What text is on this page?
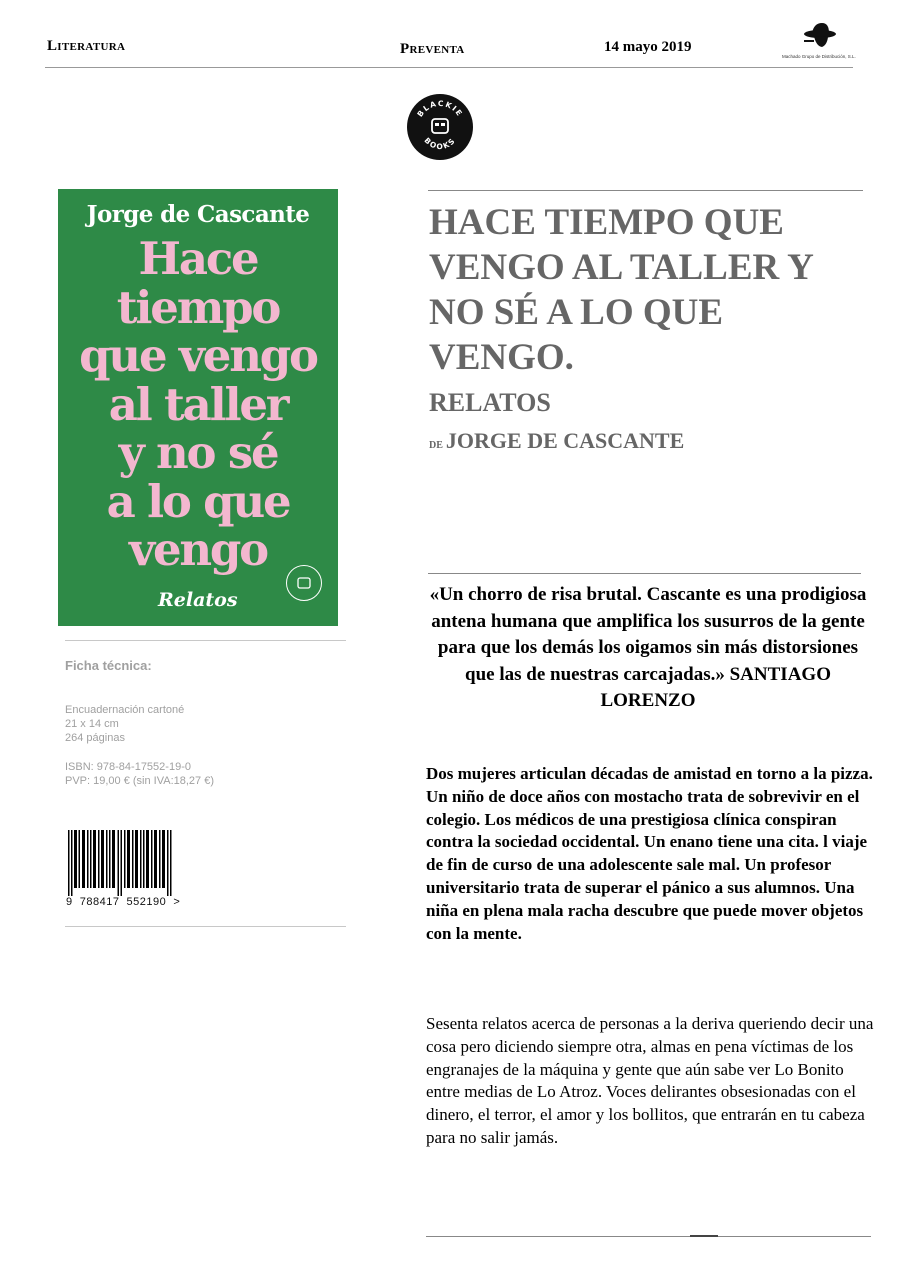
Literatura	Preventa	14 mayo 2019
Machado Grupo de Distribución, S.L.
BLACKIE
BOOKS
Jorge de Cascante
Hace
tiempo
que vengo
al taller
y no sé
a lo que
vengo
Relatos
Ficha técnica:
Encuadernación cartoné
21 x 14 cm
264 páginas
ISBN: 978-84-17552-19-0
PVP: 19,00 € (sin IVA:18,27 €)
9  788417  552190  >
HACE TIEMPO QUE VENGO AL TALLER Y NO SÉ A LO QUE VENGO.
RELATOS
de JORGE DE CASCANTE
«Un chorro de risa brutal. Cascante es una prodigiosa antena humana que amplifica los susurros de la gente para que los demás los oigamos sin más distorsiones que las de nuestras carcajadas.» SANTIAGO LORENZO
Dos mujeres articulan décadas de amistad en torno a la pizza. Un niño de doce años con mostacho trata de sobrevivir en el colegio. Los médicos de una prestigiosa clínica conspiran contra la sociedad occidental. Un enano tiene una cita. l viaje de fin de curso de una adolescente sale mal. Un profesor universitario trata de superar el pánico a sus alumnos. Una niña en plena mala racha descubre que puede mover objetos con la mente.
Sesenta relatos acerca de personas a la deriva queriendo decir una cosa pero diciendo siempre otra, almas en pena víctimas de los engranajes de la máquina y gente que aún sabe ver Lo Bonito entre medias de Lo Atroz. Voces delirantes obsesionadas con el dinero, el terror, el amor y los bollitos, que entrarán en tu cabeza para no salir jamás.
